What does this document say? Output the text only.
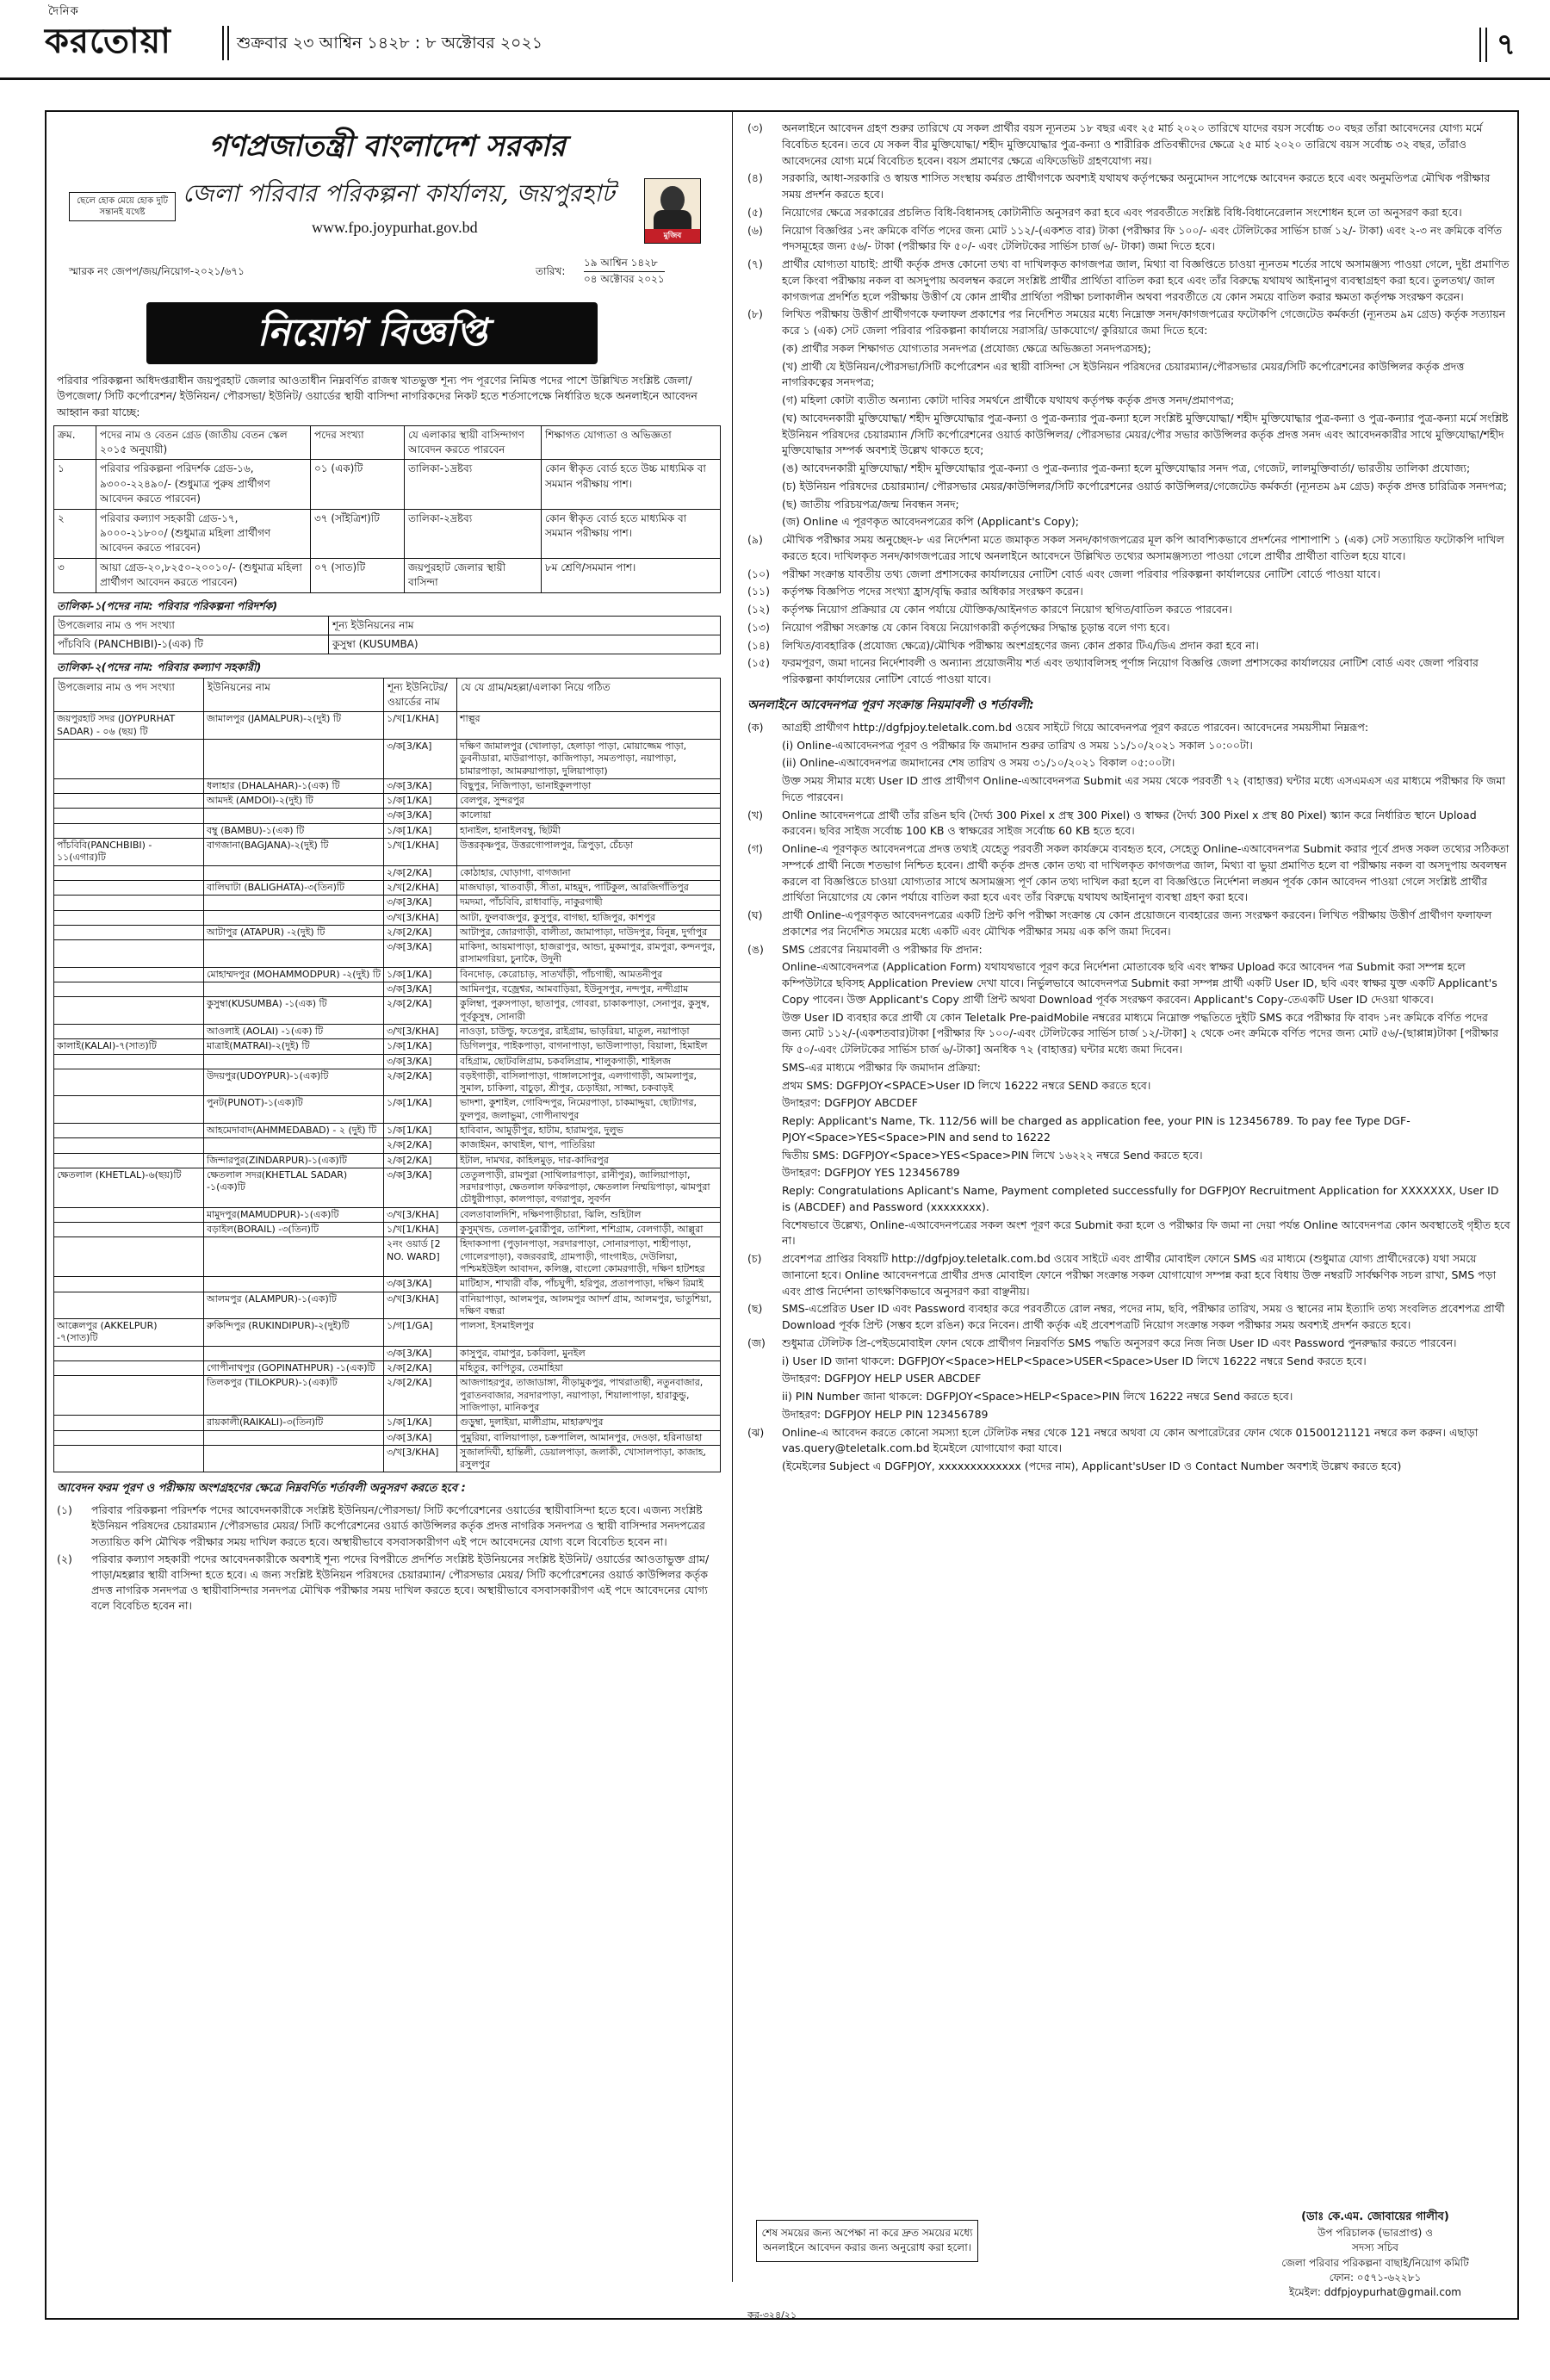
দৈনিক
করতোয়া	শুক্রবার ২৩ আশ্বিন ১৪২৮ : ৮ অক্টোবর ২০২১	৭
গণপ্রজাতন্ত্রী বাংলাদেশ সরকার
ছেলে হোক মেয়ে হোক দুটি সন্তানই যথেষ্ট
জেলা পরিবার পরিকল্পনা কার্যালয়, জয়পুরহাট
www.fpo.joypurhat.gov.bd	মুজিব
স্মারক নং জেপপ/জয়/নিয়োগ-২০২১/৬৭১	তারিখ:
১৯ আশ্বিন ১৪২৮
০৪ অক্টোবর ২০২১
নিয়োগ বিজ্ঞপ্তি
পরিবার পরিকল্পনা অধিদপ্তরাধীন জয়পুরহাট জেলার আওতাধীন নিম্নবর্ণিত রাজস্ব খাতভুক্ত শূন্য পদ পূরণের নিমিত্ত পদের পাশে উল্লিখিত সংশ্লিষ্ট জেলা/উপজেলা/ সিটি কর্পোরেশন/ ইউনিয়ন/ পৌরসভা/ ইউনিট/ ওয়ার্ডের স্থায়ী বাসিন্দা নাগরিকদের নিকট হতে শর্তসাপেক্ষে নির্ধারিত ছকে অনলাইনে আবেদন আহ্বান করা যাচ্ছে:
ক্রম.	পদের নাম ও বেতন গ্রেড (জাতীয় বেতন স্কেল ২০১৫ অনুযায়ী)	পদের সংখ্যা	যে এলাকার স্থায়ী বাসিন্দাগণ আবেদন করতে পারবেন	শিক্ষাগত যোগ্যতা ও অভিজ্ঞতা
১	পরিবার পরিকল্পনা পরিদর্শক গ্রেড-১৬, ৯৩০০-২২৪৯০/- (শুধুমাত্র পুরুষ প্রার্থীগণ আবেদন করতে পারবেন)	০১ (এক)টি	তালিকা-১দ্রষ্টব্য	কোন স্বীকৃত বোর্ড হতে উচ্চ মাধ্যমিক বা সমমান পরীক্ষায় পাশ।
২	পরিবার কল্যাণ সহকারী গ্রেড-১৭, ৯০০০-২১৮০০/ (শুধুমাত্র মহিলা প্রার্থীগণ আবেদন করতে পারবেন)	৩৭ (সাঁইত্রিশ)টি	তালিকা-২দ্রষ্টব্য	কোন স্বীকৃত বোর্ড হতে মাধ্যমিক বা সমমান পরীক্ষায় পাশ।
৩	আয়া গ্রেড-২০,৮২৫০-২০০১০/- (শুধুমাত্র মহিলা প্রার্থীগণ আবেদন করতে পারবেন)	০৭ (সাত)টি	জয়পুরহাট জেলার স্থায়ী বাসিন্দা	৮ম শ্রেণি/সমমান পাশ।
তালিকা-১(পদের নাম: পরিবার পরিকল্পনা পরিদর্শক)
উপজেলার নাম ও পদ সংখ্যা	শূন্য ইউনিয়নের নাম
পাঁচবিবি (PANCHBIBI)-১(এক) টি	কুসুম্বা (KUSUMBA)
তালিকা-২(পদের নাম: পরিবার কল্যাণ সহকারী)
উপজেলার নাম ও পদ সংখ্যা	ইউনিয়নের নাম	শূন্য ইউনিটের/ ওয়ার্ডের নাম	যে যে গ্রাম/মহল্লা/এলাকা নিয়ে গঠিত
জয়পুরহাট সদর (JOYPURHAT SADAR) - ০৬ (ছয়) টি	জামালপুর (JAMALPUR)-২(দুই) টি	১/খ[1/KHA]	শাল্পুর
		৩/ক[3/KA]	দক্ষিণ জামালপুর (খোলাড়া, হেলাড়া পাড়া, মোয়াজ্জেম পাড়া, ডুবনীডারা, মাউরাপাড়া, কাজিপাড়া, সমতপাড়া, নয়াপাড়া, চামারপাড়া, আমরুয়াপাড়া, দুলিয়াপাড়া)
	ধলাহার (DHALAHAR)-১(এক) টি	৩/ক[3/KA]	বিছুপুর, নিজিপাড়া, ভানাইকুলপাড়া
	আমদই (AMDOI)-২(দুই) টি	১/ক[1/KA]	বেলপুর, সুন্দরপুর
		৩/ক[3/KA]	কালোয়া
	বম্বু (BAMBU)-১(এক) টি	১/ক[1/KA]	হানাইল, হানাইলবম্বু, ছিটমী
পাঁচবিবি(PANCHBIBI) - ১১(এগার)টি	বাগজানা(BAGJANA)-২(দুই) টি	১/খ[1/KHA]	উত্তরকৃষ্ণপুর, উত্তরগোপালপুর, ত্রিপুড়া, চেঁচড়া
		২/ক[2/KA]	কোঠাহার, ঘোড়াগা, বাগজানা
	বালিঘাটা (BALIGHATA)-৩(তিন)টি	২/খ[2/KHA]	মাজঘাড়া, খাতবাড়ী, সীতা, মাহমুদ, পাটিকুল, আরজিগাঁতিপুর
		৩/ক[3/KA]	দমদমা, পাঁচবিবি, রাধাবাড়ি, নাকুরগাছী
		৩/খ[3/KHA]	আটা, ফুলবাজপুর, কুসুপুর, বাগছা, হাজিপুর, কাশপুর
	আটাপুর (ATAPUR) -২(দুই) টি	২/ক[2/KA]	আটাপুর, জোরগাড়ী, বালীতা, জামাপাড়া, দাউদপুর, বিনুন্ন, দুর্গাপুর
		৩/ক[3/KA]	মাকিদা, আয়মাপাড়া, হাজরাপুর, আন্ডা, মুকমাপুর, রামপুরা, কন্দনপুর, রাসামগরিয়া, চুনাকৈ, উদুনী
	মোহাম্মদপুর (MOHAMMODPUR) -২(দুই) টি	১/ক[1/KA]	বিনদোড়, কেরোচাড়, সাতখাঁড়ী, পাঁচগাছী, আমতনীপুর
		৩/ক[3/KA]	আমিনপুর, বজ্রেশ্বর, আমবাড়িয়া, ইউনুসপুর, নন্দপুর, নন্দীগ্রাম
	কুসুম্বা(KUSUMBA) -১(এক) টি	২/ক[2/KA]	কুলিম্বা, পুরুসপাড়া, ছাতাপুর, গোবরা, চাকাকপাড়া, সেনাপুর, কুসুম্ব, পূর্বকুসুম্ব, সোনারী
	আওলাই (AOLAI) -১(এক) টি	৩/খ[3/KHA]	নাওড়া, চাউল্ডু, ফতেপুর, রাইগ্রাম, ভাড়রিয়া, মাতুল, নয়াপাড়া
কালাই(KALAI)-৭(সাত)টি	মাত্রাই(MATRAI)-২(দুই) টি	১/ক[1/KA]	ডিগিলপুর, পাইকপাড়া, বাগনাপাড়া, ভাউলাপাড়া, বিয়ালা, হিমাইল
		৩/ক[3/KA]	বহিগ্রাম, ছোটবলিগ্রাম, চকবলিগ্রাম, শালুকগাড়ী, শাইলজ
	উদয়পুর(UDOYPUR)-১(এক)টি	২/ক[2/KA]	বড়ইগাড়ী, বাসিলাপাড়া, গাঙ্গালসোপুর, এলগাগাড়ী, আমলাপুর, সুমাল, চাকিলা, বাচুড়া, শ্রীপুর, চেড়াইয়া, সাজ্জা, চকবাড়ই
	পুনট(PUNOT)-১(এক)টি	১/ক[1/KA]	ভাদশা, কুশাইল, গোবিন্দপুর, নিমেরপাড়া, চাকমাদ্দুয়া, ছোট্যাগর, ফুলপুর, জলাভুমা, গোপীনাথপুর
	আহমেদাবাদ(AHMMEDABAD) - ২ (দুই) টি	১/ক[1/KA]	হাবিবান, আমুড়ীপুর, হাটাম, হারামপুর, দুলুভ
		২/ক[2/KA]	কাজাইমন, কাথাইল, থাপ, পাতিরিয়া
	জিন্দারপুর(ZINDARPUR)-১(এক)টি	২/ক[2/KA]	ইটাল, দামখর, কাহিলমুড়, দার-কাদিরপুর
ক্ষেতলাল (KHETLAL)-৬(ছয়)টি	ক্ষেতলাল সদর(KHETLAL SADAR) -১(এক)টি	৩/ক[3/KA]	তেতুলপাড়ী, রামপুরা (সাথিলারপাড়া, রানীপুর), জালিয়াপাড়া, সরদারপাড়া, ক্ষেতলাল ফকিরপাড়া, ক্ষেতলাল নিম্ময়িপাড়া, ঝামপুরা চৌধুরীপাড়া, কালপাড়া, বগরাপুর, সুবর্ণন
	মামুদপুর(MAMUDPUR)-১(এক)টি	৩/খ[3/KHA]	বেলতাবালদিশি, দক্ষিণপাড়ীচারা, ঝিলি, শুহিটাল
	বড়াইল(BORAIL) -৩(তিন)টি	১/খ[1/KHA]	কুসুম্খন্ড, তেলাল-চুরারীপুর, তাশিলা, শশিগ্রাম, বেলগাড়ী, আল্লুরা
		২নং ওয়ার্ড [2 NO. WARD]	হিদাকসাপা (পুড়ানপাড়া, সরদারপাড়া, সোনারপাড়া, শাহীপাড়া, গোলেরপাড়া), বজরবরাই, গ্রামপাড়ী, গাংগাইড, দেউলিয়া, পশ্চিমইউইল আবাদন, কলিঞ্জ, বাংলো কোমরগাড়ী, দক্ষিণ হাটশহর
		৩/ক[3/KA]	মাটিহাস, শাখারী বাঁক, পাঁচঘুপী, হরিপুর, প্রতাপপাড়া, দক্ষিণ রিমাই
	আলমপুর (ALAMPUR)-১(এক)টি	৩/খ[3/KHA]	বানিয়াপাড়া, আলমপুর, আলমপুর আদর্শ গ্রাম, আলমপুর, ভাতুশিয়া, দক্ষিণ বন্ধরা
আক্কেলপুর (AKKELPUR) -৭(সাত)টি	রুকিন্দিপুর (RUKINDIPUR)-২(দুই)টি	১/গ[1/GA]	পালসা, ইসমাইলপুর
		৩/ক[3/KA]	কাসুপুর, বামাপুর, চকবিলা, মুনইল
	গোপীনাথপুর (GOPINATHPUR) -১(এক)টি	২/ক[2/KA]	মহিতুর, কাপিতুর, তেমাহিয়া
	তিলকপুর (TILOKPUR)-১(এক)টি	২/ক[2/KA]	আজগাহরপুর, তাজাডাঙ্গা, নীড়ামুকপুর, পাথরাতাছী, নতুনবাজার, পুরাতনবাজার, সরদারপাড়া, নয়াপাড়া, শিয়ালাপাড়া, হারাকুন্ডু, সাজিপাড়া, মানিকপুর
	রায়কালী(RAIKALI)-৩(তিন)টি	১/ক[1/KA]	গুড়ুম্বা, দুলাইয়া, মালীগ্রাম, মাহারুখপুর
		৩/ক[3/KA]	পুমুরিয়া, বালিয়াপাড়া, চক্রপালিল, আমানপুর, দেওড়া, হরিনাডাহা
		৩/খ[3/KHA]	সুজালদিঘী, হান্তিলী, ডেয়ালপাড়া, জলাকী, খোসালপাড়া, কাজাহ, রসুলপুর
আবেদন ফরম পূরণ ও পরীক্ষায় অংশগ্রহণের ক্ষেত্রে নিম্নবর্ণিত শর্তাবলী অনুসরণ করতে হবে :
(১)	পরিবার পরিকল্পনা পরিদর্শক পদের আবেদনকারীকে সংশ্লিষ্ট ইউনিয়ন/পৌরসভা/ সিটি কর্পোরেশনের ওয়ার্ডের স্থায়ীবাসিন্দা হতে হবে। এজন্য সংশ্লিষ্ট ইউনিয়ন পরিষদের চেয়ারম্যান /পৌরসভার মেয়র/ সিটি কর্পোরেশনের ওয়ার্ড কাউন্সিলর কর্তৃক প্রদত্ত নাগরিক সনদপত্র ও স্থায়ী বাসিন্দার সনদপত্রের সত্যায়িত কপি মৌখিক পরীক্ষার সময় দাখিল করতে হবে। অস্থায়ীভাবে বসবাসকারীগণ এই পদে আবেদনের যোগ্য বলে বিবেচিত হবেন না।
(২)	পরিবার কল্যাণ সহকারী পদের আবেদনকারীকে অবশ্যই শূন্য পদের বিপরীতে প্রদর্শিত সংশ্লিষ্ট ইউনিয়নের সংশ্লিষ্ট ইউনিট/ ওয়ার্ডের আওতাভুক্ত গ্রাম/পাড়া/মহল্লার স্থায়ী বাসিন্দা হতে হবে। এ জন্য সংশ্লিষ্ট ইউনিয়ন পরিষদের চেয়ারম্যান/ পৌরসভার মেয়র/ সিটি কর্পোরেশনের ওয়ার্ড কাউন্সিলর কর্তৃক প্রদত্ত নাগরিক সনদপত্র ও স্থায়ীবাসিন্দার সনদপত্র মৌখিক পরীক্ষার সময় দাখিল করতে হবে। অস্থায়ীভাবে বসবাসকারীগণ এই পদে আবেদনের যোগ্য বলে বিবেচিত হবেন না।
(৩)	অনলাইনে আবেদন গ্রহণ শুরুর তারিখে যে সকল প্রার্থীর বয়স ন্যূনতম ১৮ বছর এবং ২৫ মার্চ ২০২০ তারিখে যাদের বয়স সর্বোচ্চ ৩০ বছর তাঁরা আবেদনের যোগ্য মর্মে বিবেচিত হবেন। তবে যে সকল বীর মুক্তিযোদ্ধা/ শহীদ মুক্তিযোদ্ধার পুত্র-কন্যা ও শারীরিক প্রতিবন্ধীদের ক্ষেত্রে ২৫ মার্চ ২০২০ তারিখে বয়স সর্বোচ্চ ৩২ বছর, তাঁরাও আবেদনের যোগ্য মর্মে বিবেচিত হবেন। বয়স প্রমাণের ক্ষেত্রে এফিডেভিট গ্রহণযোগ্য নয়।
(৪)	সরকারি, আধা-সরকারি ও স্বায়ত্ত শাসিত সংস্থায় কর্মরত প্রার্থীগণকে অবশ্যই যথাযথ কর্তৃপক্ষের অনুমোদন সাপেক্ষে আবেদন করতে হবে এবং অনুমতিপত্র মৌখিক পরীক্ষার সময় প্রদর্শন করতে হবে।
(৫)	নিয়োগের ক্ষেত্রে সরকারের প্রচলিত বিধি-বিধানসহ কোটানীতি অনুসরণ করা হবে এবং পরবর্তীতে সংশ্লিষ্ট বিধি-বিধানেরেলান সংশোধন হলে তা অনুসরণ করা হবে।
(৬)	নিয়োগ বিজ্ঞপ্তির ১নং ক্রমিকে বর্ণিত পদের জন্য মোট ১১২/-(একশত বার) টাকা (পরীক্ষার ফি ১০০/- এবং টেলিটকের সার্ভিস চার্জ ১২/- টাকা) এবং ২-৩ নং ক্রমিকে বর্ণিত পদসমূহের জন্য ৫৬/- টাকা (পরীক্ষার ফি ৫০/- এবং টেলিটকের সার্ভিস চার্জ ৬/- টাকা) জমা দিতে হবে।
(৭)	প্রার্থীর যোগ্যতা যাচাই: প্রার্থী কর্তৃক প্রদত্ত কোনো তথ্য বা দাখিলকৃত কাগজপত্র জাল, মিথ্যা বা বিজ্ঞপ্তিতে চাওয়া ন্যূনতম শর্তের সাথে অসামঞ্জস্য পাওয়া গেলে, দুষ্টা প্রমাণিত হলে কিংবা পরীক্ষায় নকল বা অসদুপায় অবলম্বন করলে সংশ্লিষ্ট প্রার্থীর প্রার্থিতা বাতিল করা হবে এবং তাঁর বিরুদ্ধে যথাযথ আইনানুগ ব্যবস্থাগ্রহণ করা হবে। তুলতথ্য/ জাল কাগজপত্র প্রদর্শিত হলে পরীক্ষায় উত্তীর্ণ যে কোন প্রার্থীর প্রার্থিতা পরীক্ষা চলাকালীন অথবা পরবর্তীতে যে কোন সময়ে বাতিল করার ক্ষমতা কর্তৃপক্ষ সংরক্ষণ করেন।
(৮)	লিখিত পরীক্ষায় উত্তীর্ণ প্রার্থীগণকে ফলাফল প্রকাশের পর নির্দেশিত সময়ের মধ্যে নিম্নোক্ত সনদ/কাগজপত্রের ফটোকপি গেজেটেড কর্মকর্তা (ন্যূনতম ৯ম গ্রেড) কর্তৃক সত্যায়ন করে ১ (এক) সেট জেলা পরিবার পরিকল্পনা কার্যালয়ে সরাসরি/ ডাকযোগে/ কুরিয়ারে জমা দিতে হবে:
(ক) প্রার্থীর সকল শিক্ষাগত যোগ্যতার সনদপত্র (প্রযোজ্য ক্ষেত্রে অভিজ্ঞতা সনদপত্রসহ);
(খ) প্রার্থী যে ইউনিয়ন/পৌরসভা/সিটি কর্পোরেশন এর স্থায়ী বাসিন্দা সে ইউনিয়ন পরিষদের চেয়ারম্যান/পৌরসভার মেয়র/সিটি কর্পোরেশনের কাউন্সিলর কর্তৃক প্রদত্ত নাগরিকত্বের সনদপত্র;
(গ) মহিলা কোটা ব্যতীত অন্যান্য কোটা দাবির সমর্থনে প্রার্থীকে যথাযথ কর্তৃপক্ষ কর্তৃক প্রদত্ত সনদ/প্রমাণপত্র;
(ঘ) আবেদনকারী মুক্তিযোদ্ধা/ শহীদ মুক্তিযোদ্ধার পুত্র-কন্যা ও পুত্র-কন্যার পুত্র-কন্যা হলে সংশ্লিষ্ট মুক্তিযোদ্ধা/ শহীদ মুক্তিযোদ্ধার পুত্র-কন্যা ও পুত্র-কন্যার পুত্র-কন্যা মর্মে সংশ্লিষ্ট ইউনিয়ন পরিষদের চেয়ারম্যান /সিটি কর্পোরেশনের ওয়ার্ড কাউন্সিলর/ পৌরসভার মেয়র/পৌর সভার কাউন্সিলর কর্তৃক প্রদত্ত সনদ এবং আবেদনকারীর সাথে মুক্তিযোদ্ধা/শহীদ মুক্তিযোদ্ধার সম্পর্ক অবশ্যই উল্লেখ থাকতে হবে;
(ঙ) আবেদনকারী মুক্তিযোদ্ধা/ শহীদ মুক্তিযোদ্ধার পুত্র-কন্যা ও পুত্র-কন্যার পুত্র-কন্যা হলে মুক্তিযোদ্ধার সনদ পত্র, গেজেট, লালমুক্তিবার্তা/ ভারতীয় তালিকা প্রযোজ্য;
(চ) ইউনিয়ন পরিষদের চেয়ারম্যান/ পৌরসভার মেয়র/কাউন্সিলর/সিটি কর্পোরেশনের ওয়ার্ড কাউন্সিলর/গেজেটেড কর্মকর্তা (ন্যূনতম ৯ম গ্রেড) কর্তৃক প্রদত্ত চারিত্রিক সনদপত্র;
(ছ) জাতীয় পরিচয়পত্র/জন্ম নিবন্ধন সনদ;
(জ) Online এ পূরণকৃত আবেদনপত্রের কপি (Applicant's Copy);
(৯)	মৌখিক পরীক্ষার সময় অনুচ্ছেদ-৮ এর নির্দেশনা মতে জমাকৃত সকল সনদ/কাগজপত্রের মূল কপি আবশ্যিকভাবে প্রদর্শনের পাশাপাশি ১ (এক) সেট সত্যায়িত ফটোকপি দাখিল করতে হবে। দাখিলকৃত সনদ/কাগজপত্রের সাথে অনলাইনে আবেদনে উল্লিখিত তথ্যের অসামঞ্জস্যতা পাওয়া গেলে প্রার্থীর প্রার্থীতা বাতিল হয়ে যাবে।
(১০)	পরীক্ষা সংক্রান্ত যাবতীয় তথ্য জেলা প্রশাসকের কার্যালয়ের নোটিশ বোর্ড এবং জেলা পরিবার পরিকল্পনা কার্যালয়ের নোটিশ বোর্ডে পাওয়া যাবে।
(১১)	কর্তৃপক্ষ বিজ্ঞপিত পদের সংখ্যা হ্রাস/বৃদ্ধি করার অধিকার সংরক্ষণ করেন।
(১২)	কর্তৃপক্ষ নিয়োগ প্রক্রিয়ার যে কোন পর্যায়ে যৌক্তিক/আইনগত কারণে নিয়োগ স্থগিত/বাতিল করতে পারবেন।
(১৩)	নিয়োগ পরীক্ষা সংক্রান্ত যে কোন বিষয়ে নিয়োগকারী কর্তৃপক্ষের সিদ্ধান্ত চূড়ান্ত বলে গণ্য হবে।
(১৪)	লিখিত/ব্যবহারিক (প্রযোজ্য ক্ষেত্রে)/মৌখিক পরীক্ষায় অংশগ্রহণের জন্য কোন প্রকার টিএ/ডিএ প্রদান করা হবে না।
(১৫)	ফরমপূরণ, জমা দানের নির্দেশাবলী ও অন্যান্য প্রয়োজনীয় শর্ত এবং তথ্যাবলিসহ পূর্ণাঙ্গ নিয়োগ বিজ্ঞপ্তি জেলা প্রশাসকের কার্যালয়ের নোটিশ বোর্ড এবং জেলা পরিবার পরিকল্পনা কার্যালয়ের নোটিশ বোর্ডে পাওয়া যাবে।
অনলাইনে আবেদনপত্র পূরণ সংক্রান্ত নিয়মাবলী ও শর্তাবলী:
(ক)	আগ্রহী প্রার্থীগণ http://dgfpjoy.teletalk.com.bd ওয়েব সাইটে গিয়ে আবেদনপত্র পূরণ করতে পারবেন। আবেদনের সময়সীমা নিম্নরূপ:
(i) Online-এআবেদনপত্র পূরণ ও পরীক্ষার ফি জমাদান শুরুর তারিখ ও সময় ১১/১০/২০২১ সকাল ১০:০০টা।
(ii) Online-এআবেদনপত্র জমাদানের শেষ তারিখ ও সময় ৩১/১০/২০২১ বিকাল ০৫:০০টা।
উক্ত সময় সীমার মধ্যে User ID প্রাপ্ত প্রার্থীগণ Online-এআবেদনপত্র Submit এর সময় থেকে পরবর্তী ৭২ (বাহাত্তর) ঘন্টার মধ্যে এসএমএস এর মাধ্যমে পরীক্ষার ফি জমা দিতে পারবেন।
(খ)	Online আবেদনপত্রে প্রার্থী তাঁর রঙিন ছবি (দৈর্ঘ্য 300 Pixel x প্রস্থ 300 Pixel) ও স্বাক্ষর (দৈর্ঘ্য 300 Pixel x প্রস্থ 80 Pixel) স্ক্যান করে নির্ধারিত স্থানে Upload করবেন। ছবির সাইজ সর্বোচ্চ 100 KB ও স্বাক্ষরের সাইজ সর্বোচ্চ 60 KB হতে হবে।
(গ)	Online-এ পূরণকৃত আবেদনপত্রে প্রদত্ত তথ্যই যেহেতু পরবর্তী সকল কার্যক্রমে ব্যবহৃত হবে, সেহেতু Online-এআবেদনপত্র Submit করার পূর্বে প্রদত্ত সকল তথ্যের সঠিকতা সম্পর্কে প্রার্থী নিজে শতভাগ নিশ্চিত হবেন। প্রার্থী কর্তৃক প্রদত্ত কোন তথ্য বা দাখিলকৃত কাগজপত্র জাল, মিথ্যা বা ভুয়া প্রমাণিত হলে বা পরীক্ষায় নকল বা অসদুপায় অবলম্বন করলে বা বিজ্ঞপ্তিতে চাওয়া যোগ্যতার সাথে অসামঞ্জস্য পূর্ণ কোন তথ্য দাখিল করা হলে বা বিজ্ঞপ্তিতে নির্দেশনা লঙ্ঘন পূর্বক কোন আবেদন পাওয়া গেলে সংশ্লিষ্ট প্রার্থীর প্রার্থিতা নিয়োগের যে কোন পর্যায়ে বাতিল করা হবে এবং তাঁর বিরুদ্ধে যথাযথ আইনানুগ ব্যবস্থা গ্রহণ করা হবে।
(ঘ)	প্রার্থী Online-এপূরণকৃত আবেদনপত্রের একটি প্রিন্ট কপি পরীক্ষা সংক্রান্ত যে কোন প্রয়োজনে ব্যবহারের জন্য সংরক্ষণ করবেন। লিখিত পরীক্ষায় উত্তীর্ণ প্রার্থীগণ ফলাফল প্রকাশের পর নির্দেশিত সময়ের মধ্যে একটি এবং মৌখিক পরীক্ষার সময় এক কপি জমা দিবেন।
(ঙ)	SMS প্রেরণের নিয়মাবলী ও পরীক্ষার ফি প্রদান:
Online-এআবেদনপত্র (Application Form) যথাযথভাবে পূরণ করে নির্দেশনা মোতাবেক ছবি এবং স্বাক্ষর Upload করে আবেদন পত্র Submit করা সম্পন্ন হলে কম্পিউটারে ছবিসহ Application Preview দেখা যাবে। নির্ভুলভাবে আবেদনপত্র Submit করা সম্পন্ন প্রার্থী একটি User ID, ছবি এবং স্বাক্ষর যুক্ত একটি Applicant's Copy পাবেন। উক্ত Applicant's Copy প্রার্থী প্রিন্ট অথবা Download পূর্বক সংরক্ষণ করবেন। Applicant's Copy-তেএকটি User ID দেওয়া থাকবে।
উক্ত User ID ব্যবহার করে প্রার্থী যে কোন Teletalk Pre-paidMobile নম্বরের মাধ্যমে নিম্নোক্ত পদ্ধতিতে দুইটি SMS করে পরীক্ষার ফি বাবদ ১নং ক্রমিকে বর্ণিত পদের জন্য মোট ১১২/-(একশতবার)টাকা [পরীক্ষার ফি ১০০/-এবং টেলিটকের সার্ভিস চার্জ ১২/-টাকা] ২ থেকে ৩নং ক্রমিকে বর্ণিত পদের জন্য মোট ৫৬/-(ছাপ্পান্ন)টাকা [পরীক্ষার ফি ৫০/-এবং টেলিটকের সার্ভিস চার্জ ৬/-টাকা] অনধিক ৭২ (বাহাত্তর) ঘন্টার মধ্যে জমা দিবেন।
SMS-এর মাধ্যমে পরীক্ষার ফি জমাদান প্রক্রিয়া:
প্রথম SMS: DGFPJOY<SPACE>User ID লিখে 16222 নম্বরে SEND করতে হবে।
উদাহরণ: DGFPJOY ABCDEF
Reply: Applicant's Name, Tk. 112/56 will be charged as application fee, your PIN is 123456789. To pay fee Type DGF-PJOY<Space>YES<Space>PIN and send to 16222
দ্বিতীয় SMS: DGFPJOY<Space>YES<Space>PIN লিখে ১৬২২২ নম্বরে Send করতে হবে।
উদাহরণ: DGFPJOY YES 123456789
Reply: Congratulations Aplicant's Name, Payment completed successfully for DGFPJOY Recruitment Application for XXXXXXX, User ID is (ABCDEF) and Password (xxxxxxxx).
বিশেষভাবে উল্লেখ্য, Online-এআবেদনপত্রের সকল অংশ পূরণ করে Submit করা হলে ও পরীক্ষার ফি জমা না দেয়া পর্যন্ত Online আবেদনপত্র কোন অবস্থাতেই গৃহীত হবে না।
(চ)	প্রবেশপত্র প্রাপ্তির বিষয়টি http://dgfpjoy.teletalk.com.bd ওয়েব সাইটে এবং প্রার্থীর মোবাইল ফোনে SMS এর মাধ্যমে (শুধুমাত্র যোগ্য প্রার্থীদেরকে) যথা সময়ে জানানো হবে। Online আবেদনপত্রে প্রার্থীর প্রদত্ত মোবাইল ফোনে পরীক্ষা সংক্রান্ত সকল যোগাযোগ সম্পন্ন করা হবে বিধায় উক্ত নম্বরটি সার্বক্ষণিক সচল রাখা, SMS পড়া এবং প্রাপ্ত নির্দেশনা তাৎক্ষণিকভাবে অনুসরণ করা বাঞ্ছনীয়।
(ছ)	SMS-এপ্রেরিত User ID এবং Password ব্যবহার করে পরবর্তীতে রোল নম্বর, পদের নাম, ছবি, পরীক্ষার তারিখ, সময় ও স্থানের নাম ইত্যাদি তথ্য সংবলিত প্রবেশপত্র প্রার্থী Download পূর্বক প্রিন্ট (সম্ভব হলে রঙিন) করে নিবেন। প্রার্থী কর্তৃক এই প্রবেশপত্রটি নিয়োগ সংক্রান্ত সকল পরীক্ষার সময় অবশ্যই প্রদর্শন করতে হবে।
(জ)	শুধুমাত্র টেলিটক প্রি-পেইডমোবাইল ফোন থেকে প্রার্থীগণ নিম্নবর্ণিত SMS পদ্ধতি অনুসরণ করে নিজ নিজ User ID এবং Password পুনরুদ্ধার করতে পারবেন।
i) User ID জানা থাকলে: DGFPJOY<Space>HELP<Space>USER<Space>User ID লিখে 16222 নম্বরে Send করতে হবে।
উদাহরণ: DGFPJOY HELP USER ABCDEF
ii) PIN Number জানা থাকলে: DGFPJOY<Space>HELP<Space>PIN লিখে 16222 নম্বরে Send করতে হবে।
উদাহরণ: DGFPJOY HELP PIN 123456789
(ঝ)	Online-এ আবেদন করতে কোনো সমস্যা হলে টেলিটক নম্বর থেকে 121 নম্বরে অথবা যে কোন অপারেটরের ফোন থেকে 01500121121 নম্বরে কল করুন। এছাড়া vas.query@teletalk.com.bd ইমেইলে যোগাযোগ করা যাবে।
(ইমেইলের Subject এ DGFPJOY, xxxxxxxxxxxxx (পদের নাম), Applicant'sUser ID ও Contact Number অবশ্যই উল্লেখ করতে হবে)
শেষ সময়ের জন্য অপেক্ষা না করে দ্রুত সময়ের মধ্যে অনলাইনে আবেদন করার জন্য অনুরোধ করা হলো।
(ডাঃ কে.এম. জোবায়ের গালীব)
উপ পরিচালক (ভারপ্রাপ্ত) ও
সদস্য সচিব
জেলা পরিবার পরিকল্পনা বাছাই/নিয়োগ কমিটি
ফোন: ০৫৭১-৬২২৮১
ইমেইল: ddfpjoypurhat@gmail.com
কর-৩২৪/২১
